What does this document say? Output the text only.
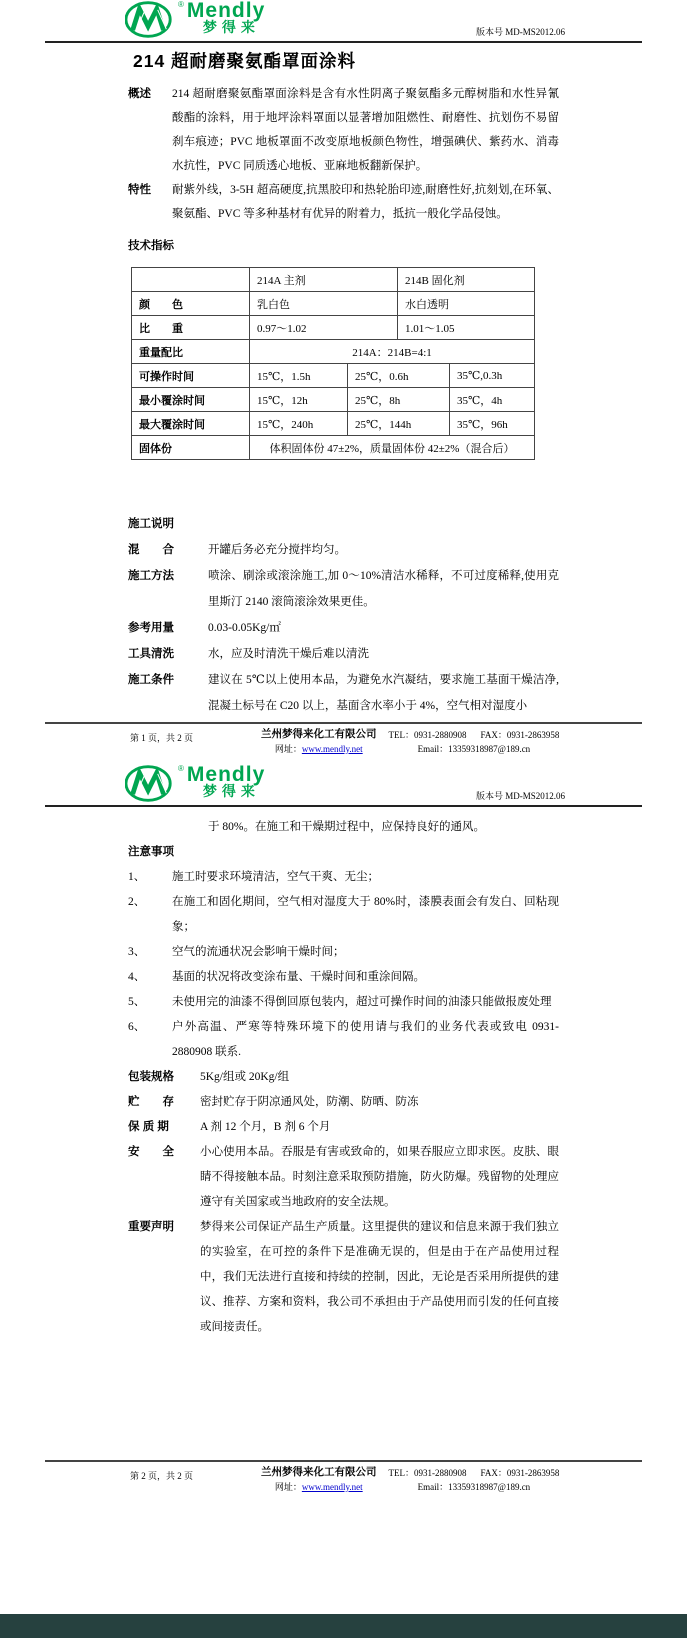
® Mendly
梦得来	版本号 MD-MS2012.06
214 超耐磨聚氨酯罩面涂料
概述	214 超耐磨聚氨酯罩面涂料是含有水性阴离子聚氨酯多元醇树脂和水性异氰酸酯的涂料，用于地坪涂料罩面以显著增加阻燃性、耐磨性、抗划伤不易留刹车痕迹；PVC 地板罩面不改变原地板颜色物性，增强碘伏、紫药水、消毒水抗性，PVC 同质透心地板、亚麻地板翻新保护。
特性	耐紫外线，3-5H 超高硬度,抗黑胶印和热轮胎印迹,耐磨性好,抗刻划,在环氧、聚氨酯、PVC 等多种基材有优异的附着力，抵抗一般化学品侵蚀。
技术指标
	214A 主剂		214B 固化剂	
颜　　色	乳白色		水白透明	
比　　重	0.97～1.02		1.01～1.05	
重量配比	214A：214B=4:1			
可操作时间	15℃，1.5h	25℃，0.6h		35℃,0.3h
最小覆涂时间	15℃，12h	25℃，8h		35℃，4h
最大覆涂时间	15℃，240h	25℃，144h		35℃，96h
固体份	体积固体份 47±2%，质量固体份 42±2%（混合后）			
施工说明
混　　合	开罐后务必充分搅拌均匀。
施工方法	喷涂、刷涂或滚涂施工,加 0～10%清洁水稀释，不可过度稀释,使用克里斯汀 2140 滚筒滚涂效果更佳。
参考用量	0.03-0.05Kg/㎡
工具清洗	水，应及时清洗干燥后难以清洗
施工条件	建议在 5℃以上使用本品，为避免水汽凝结，要求施工基面干燥洁净,混凝土标号在 C20 以上，基面含水率小于 4%，空气相对湿度小
第 1 页，共 2 页	兰州梦得来化工有限公司
网址：www.mendly.net
TEL：0931-2880908 FAX：0931-2863958
Email：13359318987@189.cn
® Mendly
梦得来	版本号 MD-MS2012.06
于 80%。在施工和干燥期过程中，应保持良好的通风。
注意事项
1、	施工时要求环境清洁，空气干爽、无尘；
2、	在施工和固化期间，空气相对湿度大于 80%时，漆膜表面会有发白、回粘现象；
3、	空气的流通状况会影响干燥时间；
4、	基面的状况将改变涂布量、干燥时间和重涂间隔。
5、	未使用完的油漆不得倒回原包装内，超过可操作时间的油漆只能做报废处理
6、	户外高温、严寒等特殊环境下的使用请与我们的业务代表或致电 0931-2880908 联系.
包装规格	5Kg/组或 20Kg/组
贮　　存	密封贮存于阴凉通风处，防潮、防晒、防冻
保 质 期	A 剂 12 个月，B 剂 6 个月
安　　全	小心使用本品。吞服是有害或致命的，如果吞服应立即求医。皮肤、眼睛不得接触本品。时刻注意采取预防措施，防火防爆。残留物的处理应遵守有关国家或当地政府的安全法规。
重要声明	梦得来公司保证产品生产质量。这里提供的建议和信息来源于我们独立的实验室，在可控的条件下是准确无误的，但是由于在产品使用过程中，我们无法进行直接和持续的控制，因此，无论是否采用所提供的建议、推荐、方案和资料，我公司不承担由于产品使用而引发的任何直接或间接责任。
第 2 页，共 2 页	兰州梦得来化工有限公司
网址：www.mendly.net
TEL：0931-2880908 FAX：0931-2863958
Email：13359318987@189.cn
